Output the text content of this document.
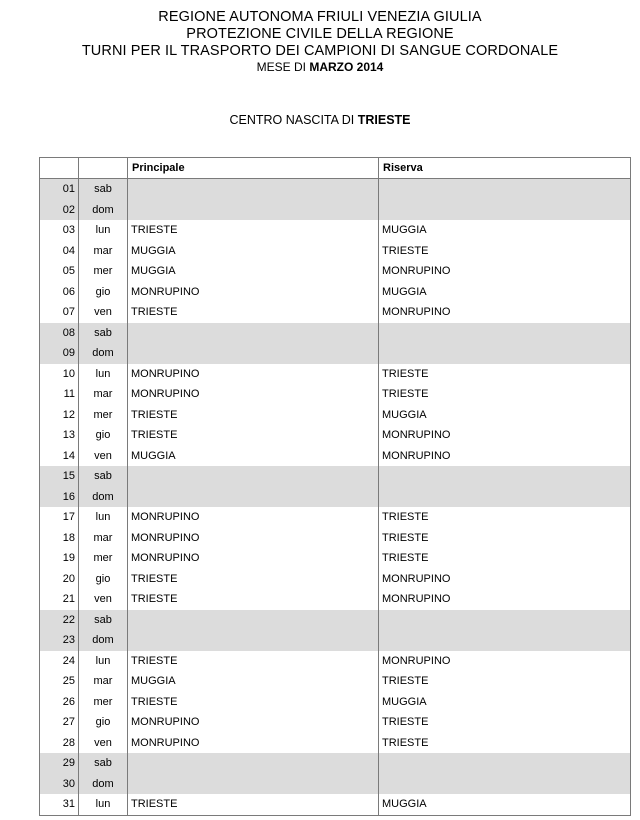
REGIONE AUTONOMA FRIULI VENEZIA GIULIA
PROTEZIONE CIVILE DELLA REGIONE
TURNI PER IL TRASPORTO DEI CAMPIONI DI SANGUE CORDONALE
MESE DI MARZO 2014
CENTRO NASCITA DI TRIESTE
		Principale	Riserva
01	sab		
02	dom		
03	lun	TRIESTE	MUGGIA
04	mar	MUGGIA	TRIESTE
05	mer	MUGGIA	MONRUPINO
06	gio	MONRUPINO	MUGGIA
07	ven	TRIESTE	MONRUPINO
08	sab		
09	dom		
10	lun	MONRUPINO	TRIESTE
11	mar	MONRUPINO	TRIESTE
12	mer	TRIESTE	MUGGIA
13	gio	TRIESTE	MONRUPINO
14	ven	MUGGIA	MONRUPINO
15	sab		
16	dom		
17	lun	MONRUPINO	TRIESTE
18	mar	MONRUPINO	TRIESTE
19	mer	MONRUPINO	TRIESTE
20	gio	TRIESTE	MONRUPINO
21	ven	TRIESTE	MONRUPINO
22	sab		
23	dom		
24	lun	TRIESTE	MONRUPINO
25	mar	MUGGIA	TRIESTE
26	mer	TRIESTE	MUGGIA
27	gio	MONRUPINO	TRIESTE
28	ven	MONRUPINO	TRIESTE
29	sab		
30	dom		
31	lun	TRIESTE	MUGGIA
